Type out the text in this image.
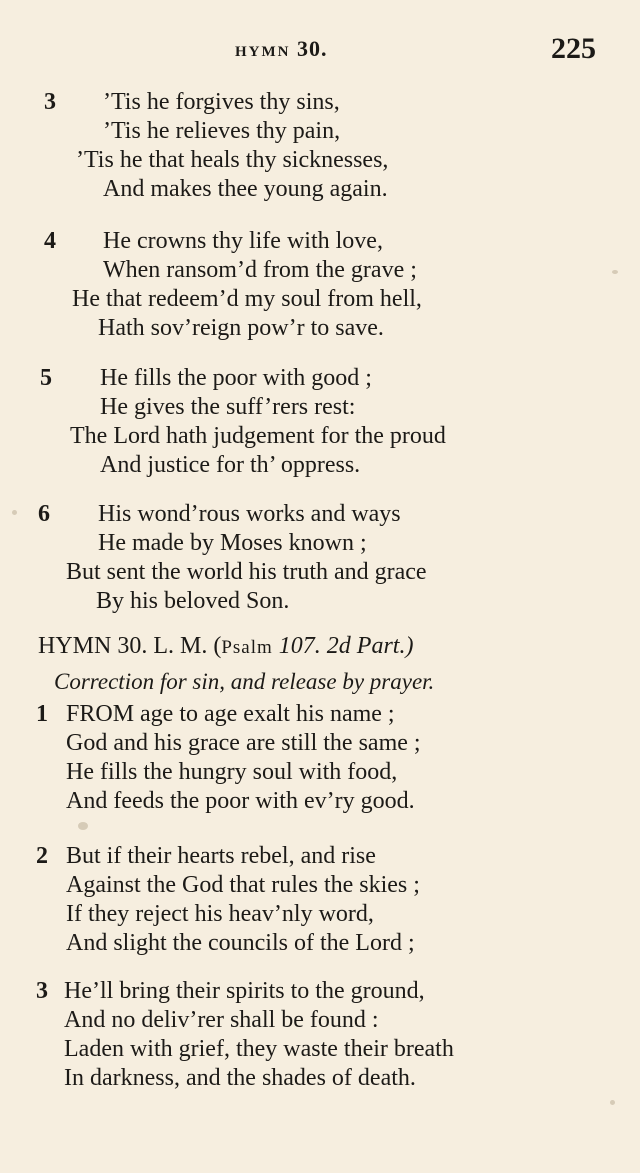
HYMN 30.	225
3 ’Tis he forgives thy sins,
’Tis he relieves thy pain,
’Tis he that heals thy sicknesses,
And makes thee young again.
4 He crowns thy life with love,
When ransom’d from the grave ;
He that redeem’d my soul from hell,
Hath sov’reign pow’r to save.
5 He fills the poor with good ;
He gives the suff’rers rest:
The Lord hath judgement for the proud
And justice for th’ oppress.
6 His wond’rous works and ways
He made by Moses known ;
But sent the world his truth and grace
By his beloved Son.
HYMN 30. L. M. (Psalm 107. 2d Part.)
Correction for sin, and release by prayer.
1 FROM age to age exalt his name ;
God and his grace are still the same ;
He fills the hungry soul with food,
And feeds the poor with ev’ry good.
2 But if their hearts rebel, and rise
Against the God that rules the skies ;
If they reject his heav’nly word,
And slight the councils of the Lord ;
3 He’ll bring their spirits to the ground,
And no deliv’rer shall be found :
Laden with grief, they waste their breath
In darkness, and the shades of death.
